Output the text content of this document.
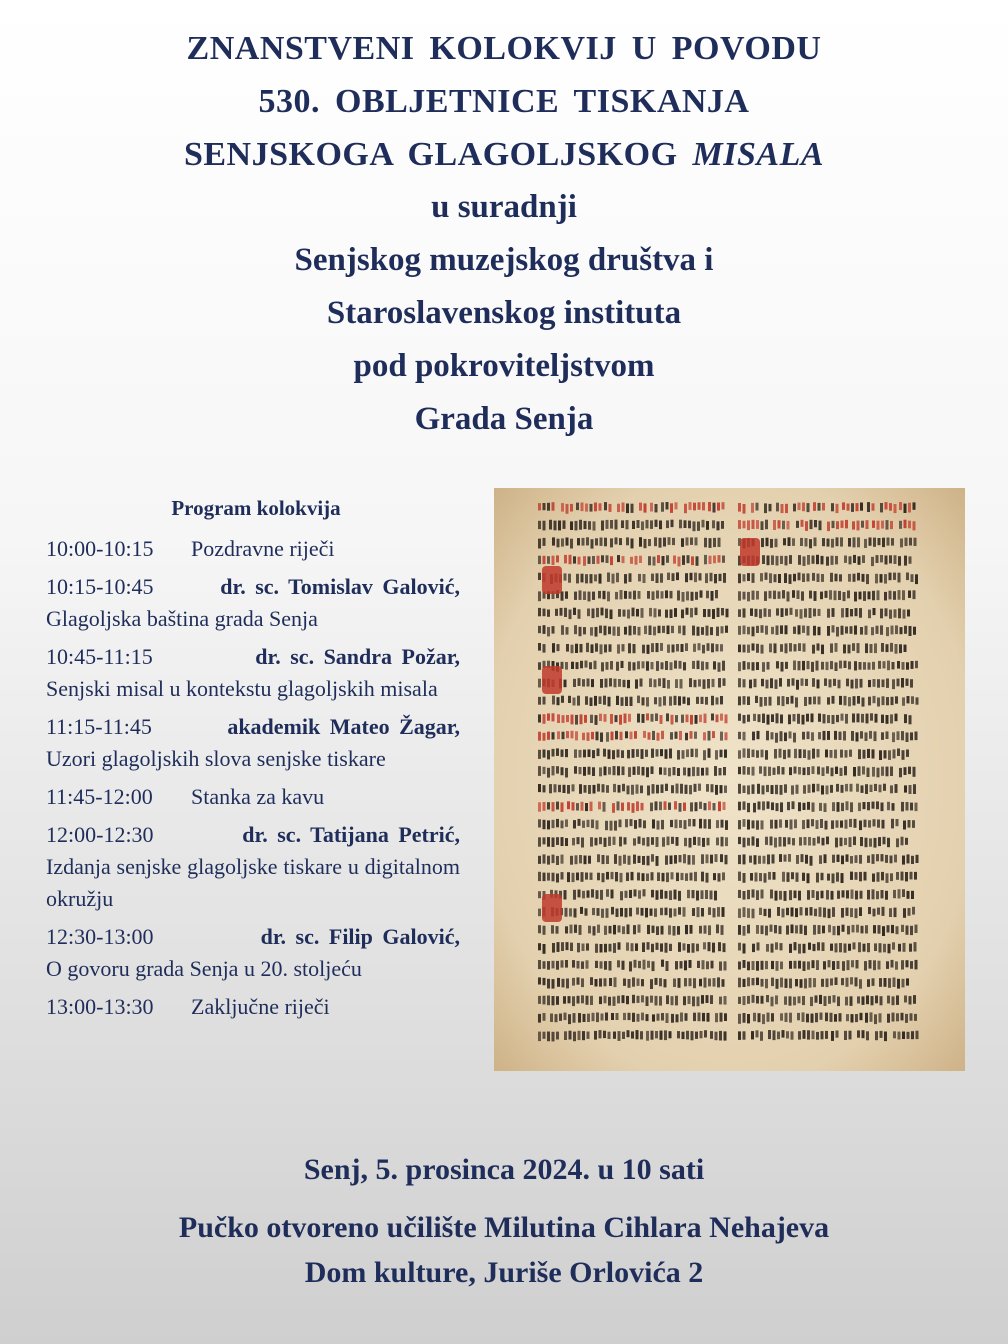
ZNANSTVENI KOLOKVIJ U POVODU
530. OBLJETNICE TISKANJA
SENJSKOGA GLAGOLJSKOG MISALA
u suradnji
Senjskog muzejskog društva i
Staroslavenskog instituta
pod pokroviteljstvom
Grada Senja
Program kolokvija
10:00-10:15 Pozdravne riječi
10:15-10:45	dr. sc. Tomislav Galović,
Glagoljska baština grada Senja
10:45-11:15	dr. sc. Sandra Požar,
Senjski misal u kontekstu glagoljskih misala
11:15-11:45	akademik Mateo Žagar,
Uzori glagoljskih slova senjske tiskare
11:45-12:00 Stanka za kavu
12:00-12:30	dr. sc. Tatijana Petrić,
Izdanja senjske glagoljske tiskare u digitalnom okružju
12:30-13:00	dr. sc. Filip Galović,
O govoru grada Senja u 20. stoljeću
13:00-13:30 Zaključne riječi
Senj, 5. prosinca 2024. u 10 sati
Pučko otvoreno učilište Milutina Cihlara Nehajeva
Dom kulture, Juriše Orlovića 2
